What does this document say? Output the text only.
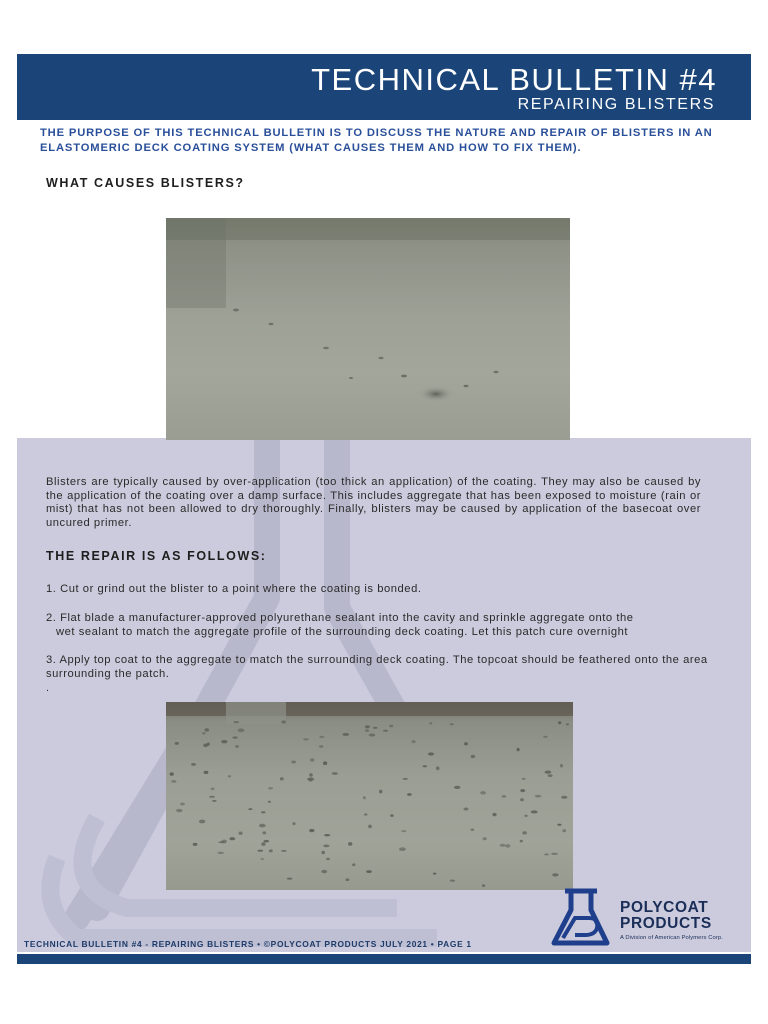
TECHNICAL BULLETIN #4
REPAIRING BLISTERS
THE PURPOSE OF THIS TECHNICAL BULLETIN IS TO DISCUSS THE NATURE AND REPAIR OF BLISTERS IN AN ELASTOMERIC DECK COATING SYSTEM (WHAT CAUSES THEM AND HOW TO FIX THEM).
WHAT CAUSES BLISTERS?
Blisters are typically caused by over-application (too thick an application) of the coating. They may also be caused by the application of the coating over a damp surface. This includes aggregate that has been exposed to moisture (rain or mist) that has not been allowed to dry thoroughly. Finally, blisters may be caused by application of the basecoat over uncured primer.
THE REPAIR IS AS FOLLOWS:
1. Cut or grind out the blister to a point where the coating is bonded.
2. Flat blade a manufacturer-approved polyurethane sealant into the cavity and sprinkle aggregate onto the
wet sealant to match the aggregate profile of the surrounding deck coating. Let this patch cure overnight
3. Apply top coat to the aggregate to match the surrounding deck coating. The topcoat should be feathered onto the area surrounding the patch.
.
TECHNICAL BULLETIN #4 - REPAIRING BLISTERS • ©POLYCOAT PRODUCTS JULY 2021 • PAGE 1
POLYCOAT
PRODUCTS
A Division of American Polymers Corp.
